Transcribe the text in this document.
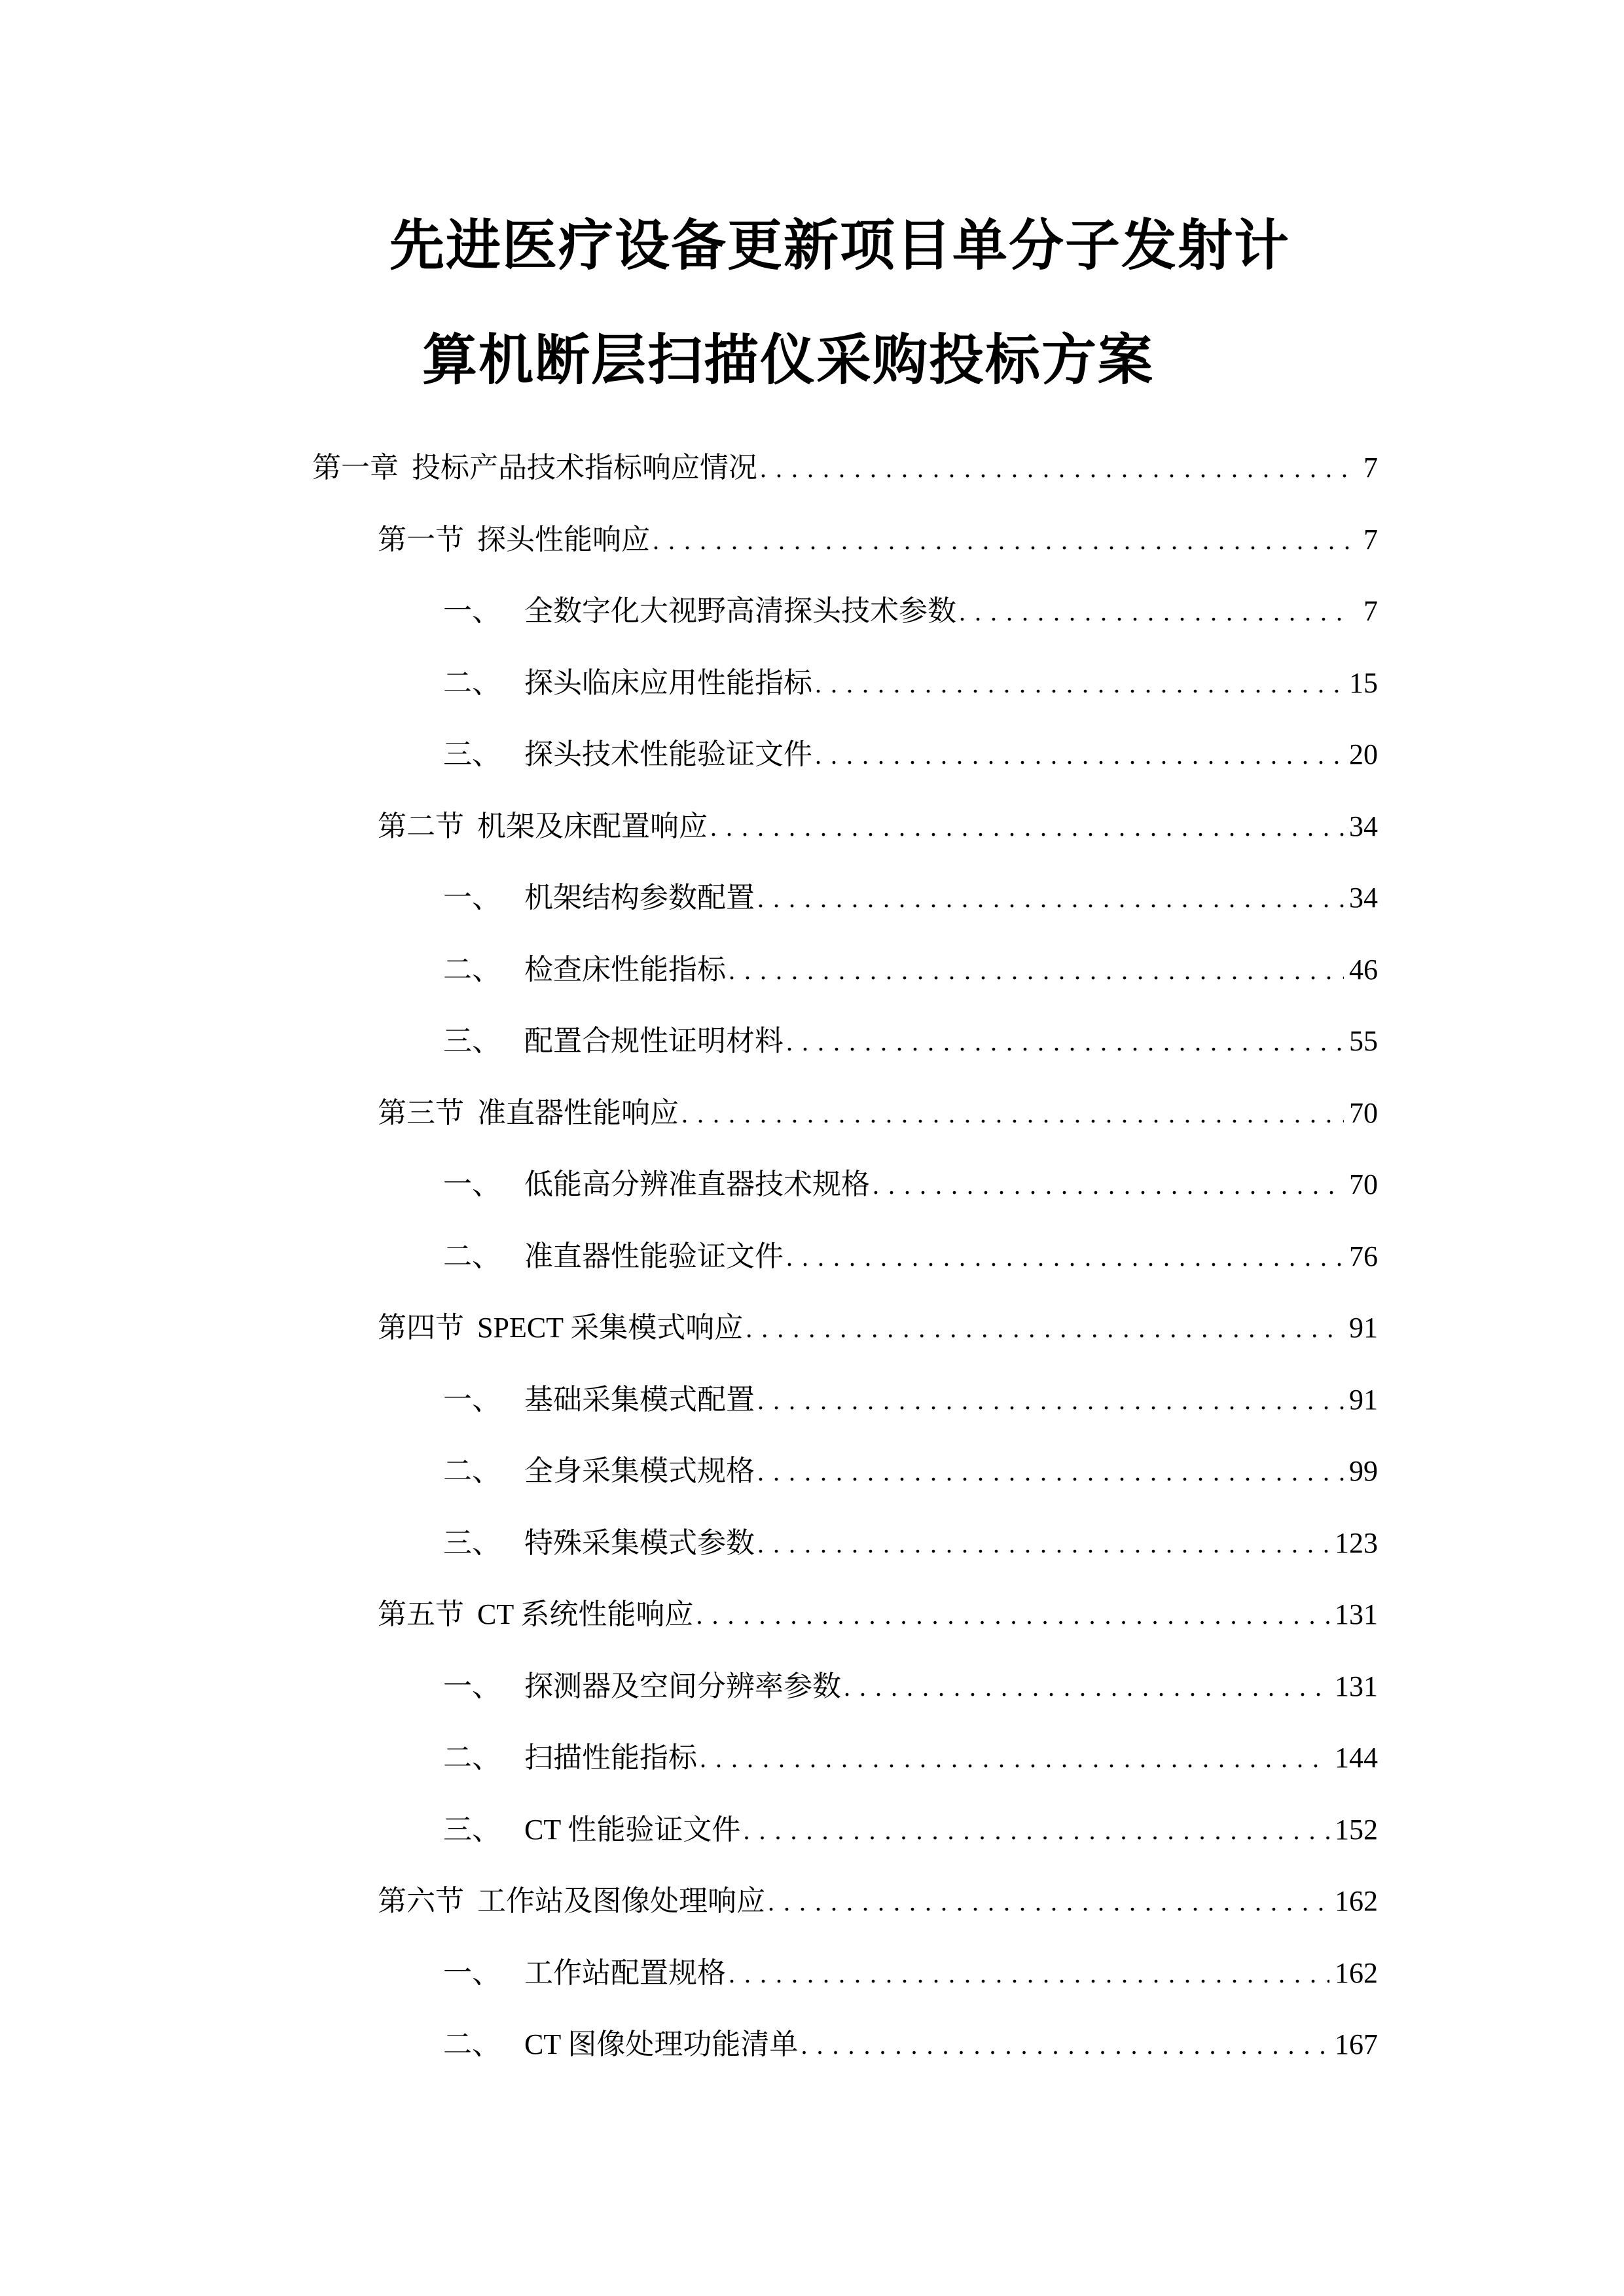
先进医疗设备更新项目单分子发射计
算机断层扫描仪采购投标方案
第一章 投标产品技术指标响应情况 .....	7
第一节 探头性能响应 .....	7
一、 全数字化大视野高清探头技术参数 .....	7
二、 探头临床应用性能指标 .....	15
三、 探头技术性能验证文件 .....	20
第二节 机架及床配置响应 .....	34
一、 机架结构参数配置 .....	34
二、 检查床性能指标 .....	46
三、 配置合规性证明材料 .....	55
第三节 准直器性能响应 .....	70
一、 低能高分辨准直器技术规格 .....	70
二、 准直器性能验证文件 .....	76
第四节 SPECT 采集模式响应 .....	91
一、 基础采集模式配置 .....	91
二、 全身采集模式规格 .....	99
三、 特殊采集模式参数 .....	123
第五节 CT 系统性能响应 .....	131
一、 探测器及空间分辨率参数 .....	131
二、 扫描性能指标 .....	144
三、 CT 性能验证文件 .....	152
第六节 工作站及图像处理响应 .....	162
一、 工作站配置规格 .....	162
二、 CT 图像处理功能清单 .....	167
